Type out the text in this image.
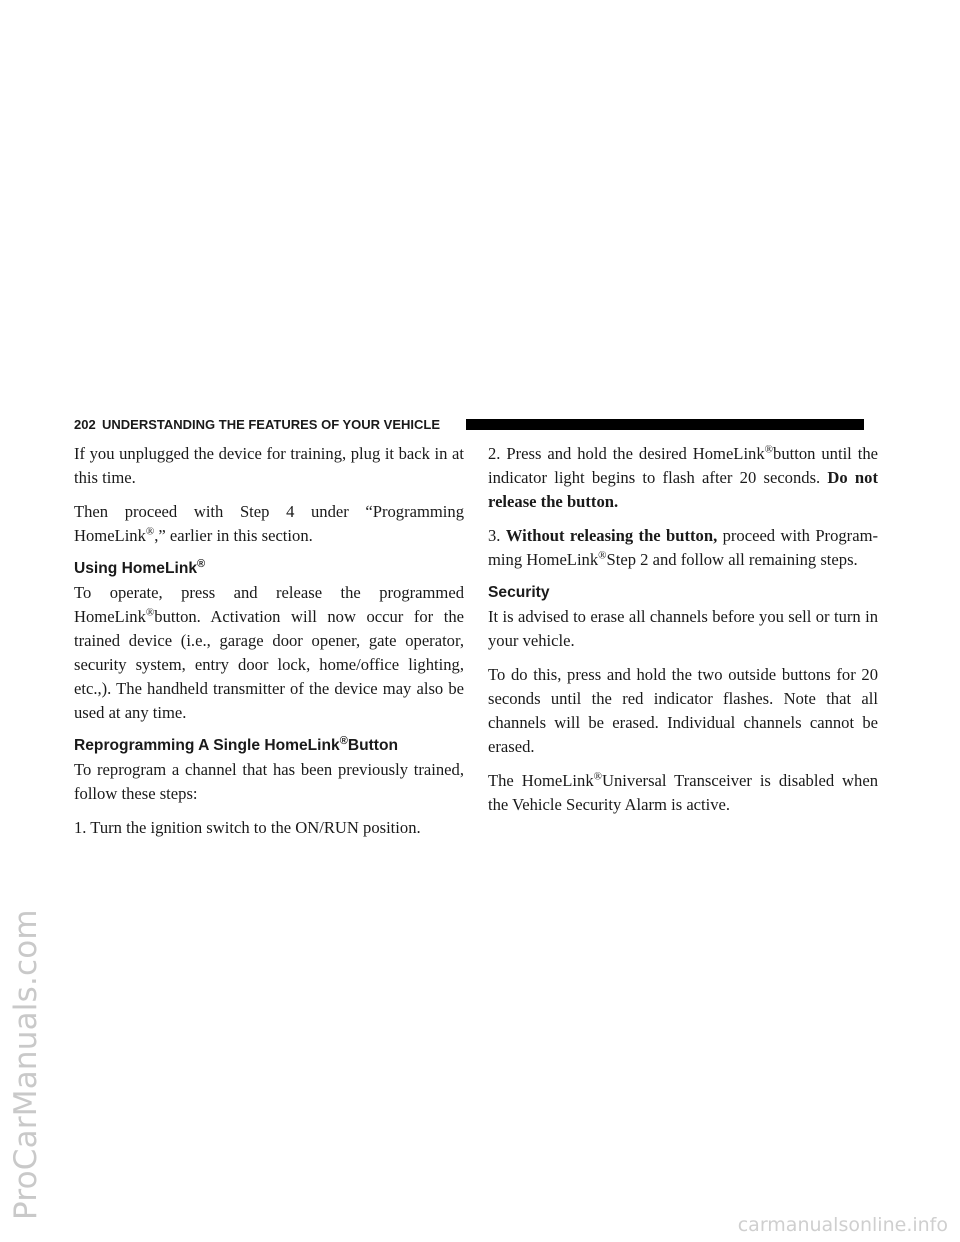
ProCarManuals.com
carmanualsonline.info
202 UNDERSTANDING THE FEATURES OF YOUR VEHICLE

If you unplugged the device for training, plug it back in at this time.

Then proceed with Step 4 under “Programming HomeLink®,” earlier in this section.

Using HomeLink®

To operate, press and release the programmed HomeLink®button. Activation will now occur for the trained device (i.e., garage door opener, gate operator, security system, entry door lock, home/office lighting, etc.,). The handheld transmitter of the device may also be used at any time.

Reprogramming A Single HomeLink®Button

To reprogram a channel that has been previously trained, follow these steps:

1. Turn the ignition switch to the ON/RUN position.

2. Press and hold the desired HomeLink®button until the indicator light begins to flash after 20 seconds. Do not release the button.

3. Without releasing the button, proceed with Program-ming HomeLink®Step 2 and follow all remaining steps.

Security

It is advised to erase all channels before you sell or turn in your vehicle.

To do this, press and hold the two outside buttons for 20 seconds until the red indicator flashes. Note that all channels will be erased. Individual channels cannot be erased.

The HomeLink®Universal Transceiver is disabled when the Vehicle Security Alarm is active.
